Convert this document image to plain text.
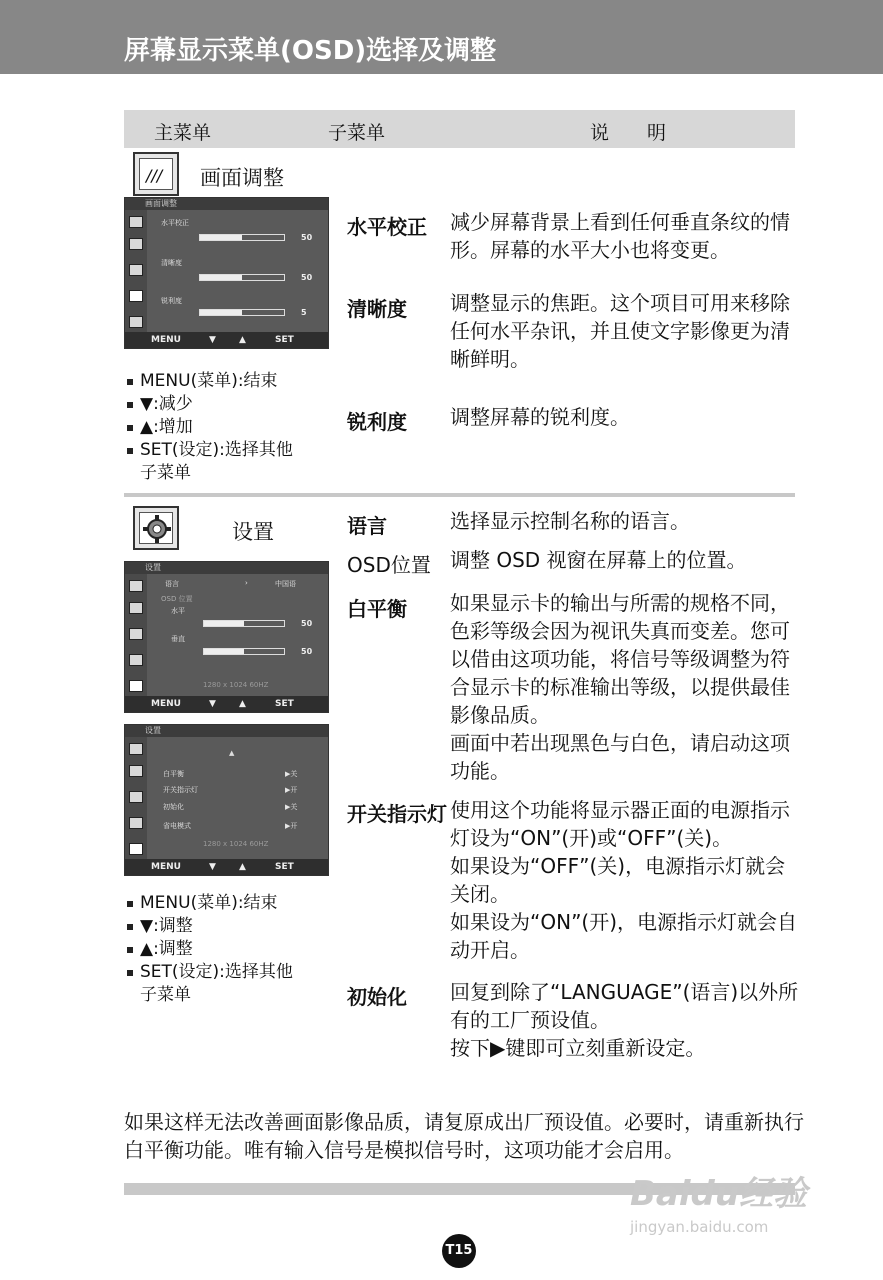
屏幕显示菜单(OSD)选择及调整
主菜单	子菜单	说　　明
/// 画面调整
画面调整
水平校正
50
清晰度
50
锐利度
5
MENU	▼	▲	SET
MENU(菜单):结束
▼:减少
▲:增加
SET(设定):选择其他
子菜单
水平校正 减少屏幕背景上看到任何垂直条纹的情形。屏幕的水平大小也将变更。
清晰度 调整显示的焦距。这个项目可用来移除任何水平杂讯，并且使文字影像更为清晰鲜明。
锐利度 调整屏幕的锐利度。
设置
设置
语言	›	中国语
OSD 位置
水平
50
垂直
50
1280 x 1024 60HZ
MENU	▼	▲	SET
设置
▲
白平衡	▶关
开关指示灯	▶开
初始化	▶关
省电模式	▶开
1280 x 1024 60HZ
MENU	▼	▲	SET
MENU(菜单):结束
▼:调整
▲:调整
SET(设定):选择其他
子菜单
语言	选择显示控制名称的语言。
OSD位置 调整 OSD 视窗在屏幕上的位置。
白平衡 如果显示卡的输出与所需的规格不同，色彩等级会因为视讯失真而变差。您可以借由这项功能，将信号等级调整为符合显示卡的标准输出等级，以提供最佳影像品质。
画面中若出现黑色与白色，请启动这项功能。
开关指示灯 使用这个功能将显示器正面的电源指示灯设为“ON”(开)或“OFF”(关)。
如果设为“OFF”(关)，电源指示灯就会关闭。
如果设为“ON”(开)，电源指示灯就会自动开启。
初始化 回复到除了“LANGUAGE”(语言)以外所有的工厂预设值。
按下▶键即可立刻重新设定。
如果这样无法改善画面影像品质，请复原成出厂预设值。必要时，请重新执行白平衡功能。唯有输入信号是模拟信号时，这项功能才会启用。
Baidu经验
jingyan.baidu.com
T15
